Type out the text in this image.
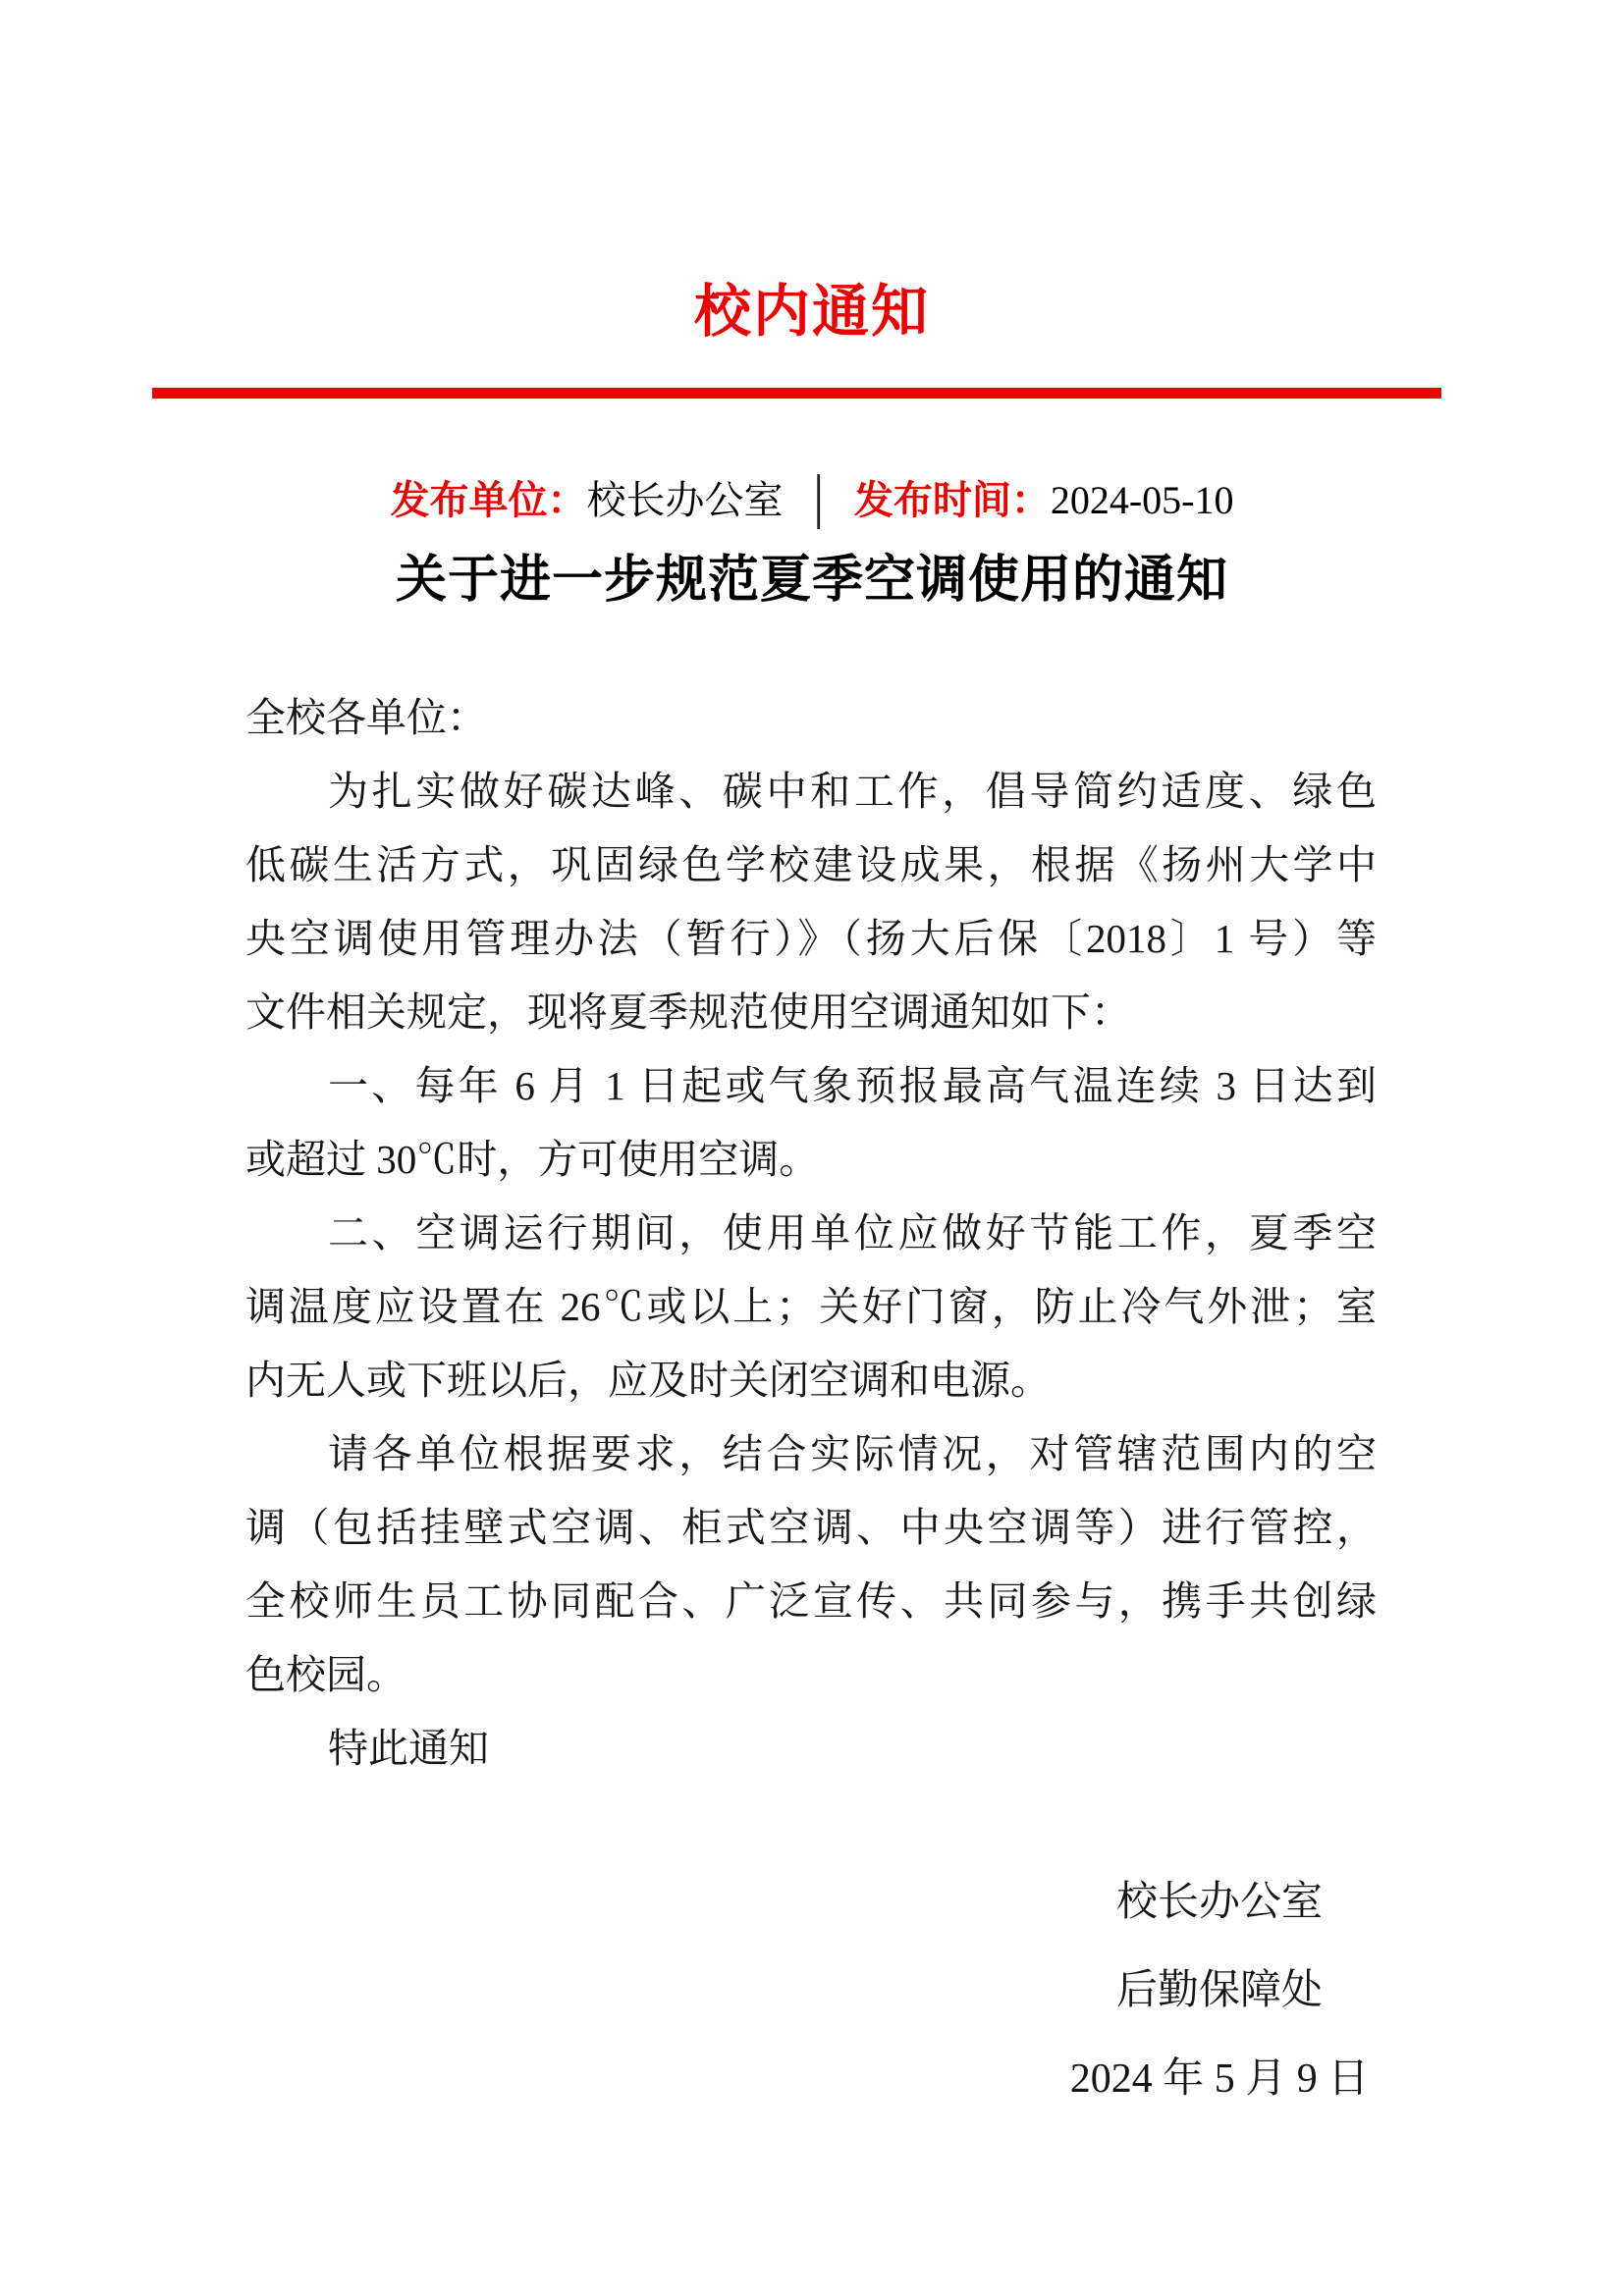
校内通知
发布单位：校长办公室 │ 发布时间：2024-05-10
关于进一步规范夏季空调使用的通知
全校各单位：
为扎实做好碳达峰、碳中和工作，倡导简约适度、绿色
低碳生活方式，巩固绿色学校建设成果，根据《扬州大学中
央空调使用管理办法（暂行）》（扬大后保〔2018〕1 号）等
文件相关规定，现将夏季规范使用空调通知如下：
一、每年 6 月 1 日起或气象预报最高气温连续 3 日达到
或超过 30℃时，方可使用空调。
二、空调运行期间，使用单位应做好节能工作，夏季空
调温度应设置在 26℃或以上；关好门窗，防止冷气外泄；室
内无人或下班以后，应及时关闭空调和电源。
请各单位根据要求，结合实际情况，对管辖范围内的空
调（包括挂壁式空调、柜式空调、中央空调等）进行管控，
全校师生员工协同配合、广泛宣传、共同参与，携手共创绿
色校园。
特此通知
校长办公室
后勤保障处
2024 年 5 月 9 日
